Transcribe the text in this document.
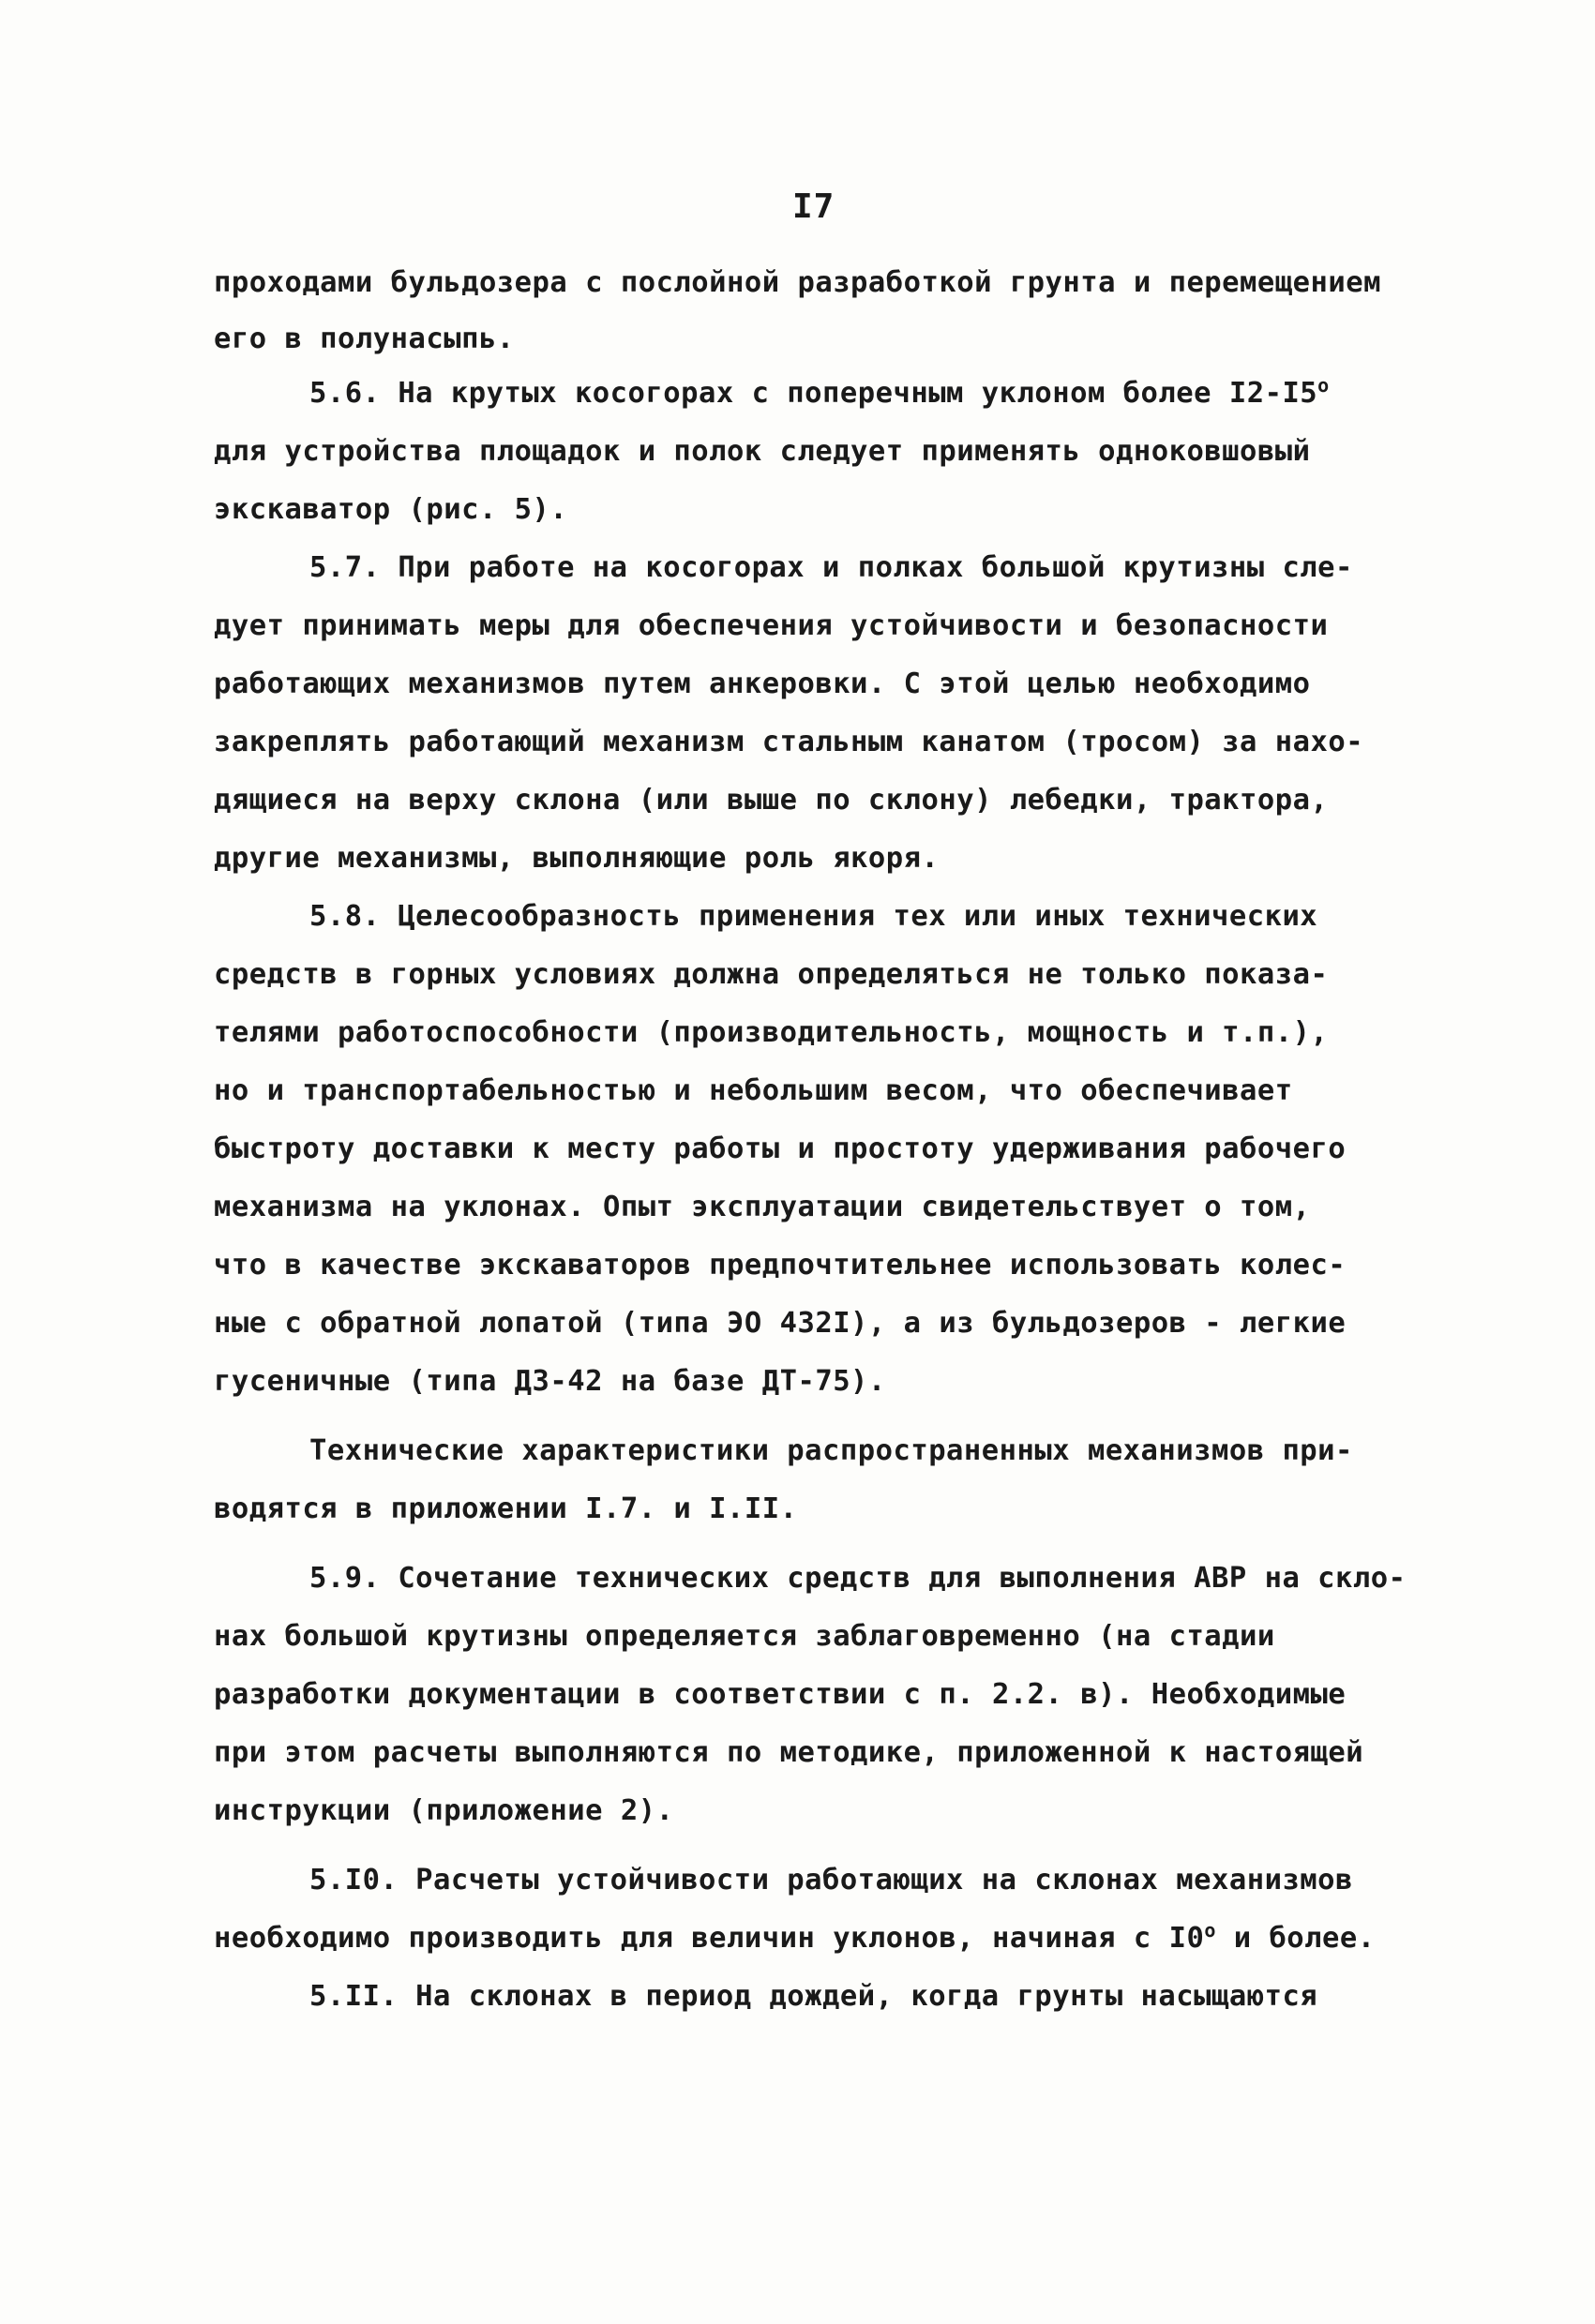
I7
проходами бульдозера с послойной разработкой грунта и перемещением
его в полунасыпь.
5.6. На крутых косогорах с поперечным уклоном более I2-I5$^o$
для устройства площадок и полок следует применять одноковшовый
экскаватор (рис. 5).
5.7. При работе на косогорах и полках большой крутизны сле-
дует принимать меры для обеспечения устойчивости и безопасности
работающих механизмов путем анкеровки. С этой целью необходимо
закреплять работающий механизм стальным канатом (тросом) за нахо-
дящиеся на верху склона (или выше по склону) лебедки, трактора,
другие механизмы, выполняющие роль якоря.
5.8. Целесообразность применения тех или иных технических
средств в горных условиях должна определяться не только показа-
телями работоспособности (производительность, мощность и т.п.),
но и транспортабельностью и небольшим весом, что обеспечивает
быстроту доставки к месту работы и простоту удерживания рабочего
механизма на уклонах. Опыт эксплуатации свидетельствует о том,
что в качестве экскаваторов предпочтительнее использовать колес-
ные с обратной лопатой (типа ЭО 432I), а из бульдозеров - легкие
гусеничные (типа ДЗ-42 на базе ДТ-75).
Технические характеристики распространенных механизмов при-
водятся в приложении I.7. и I.II.
5.9. Сочетание технических средств для выполнения АВР на скло-
нах большой крутизны определяется заблаговременно (на стадии
разработки документации в соответствии с п. 2.2. в). Необходимые
при этом расчеты выполняются по методике, приложенной к настоящей
инструкции (приложение 2).
5.I0. Расчеты устойчивости работающих на склонах механизмов
необходимо производить для величин уклонов, начиная с I0$^o$ и более.
5.II. На склонах в период дождей, когда грунты насыщаются
